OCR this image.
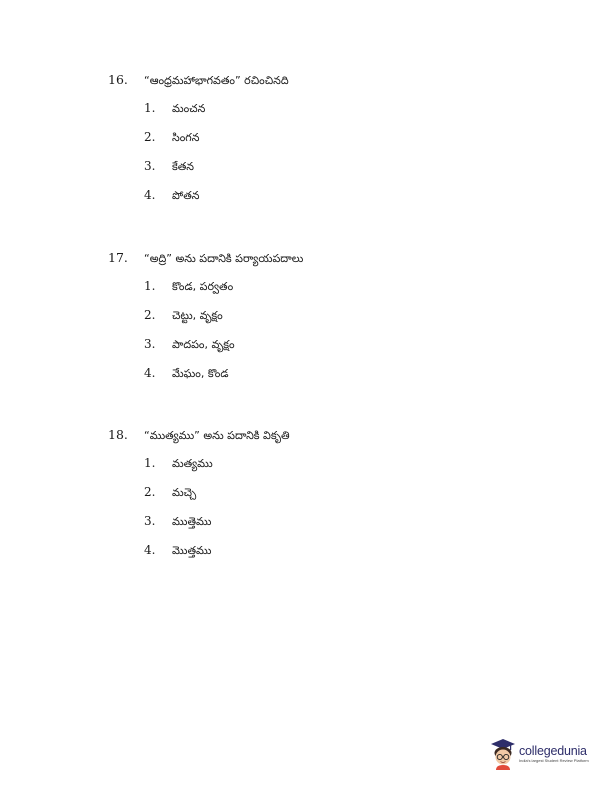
16.	“ఆంధ్రమహాభాగవతం” రచించినది
1.	మంచన
2.	సింగన
3.	కేతన
4.	పోతన
17.	“అద్రి” అను పదానికి పర్యాయపదాలు
1.	కొండ, పర్వతం
2.	చెట్టు, వృక్షం
3.	పాదపం, వృక్షం
4.	మేఘం, కొండ
18.	“ముత్యము” అను పదానికి వికృతి
1.	మత్యము
2.	మచ్చె
3.	ముత్తెము
4.	మొత్తము
collegedunia
India's largest Student Review Platform
